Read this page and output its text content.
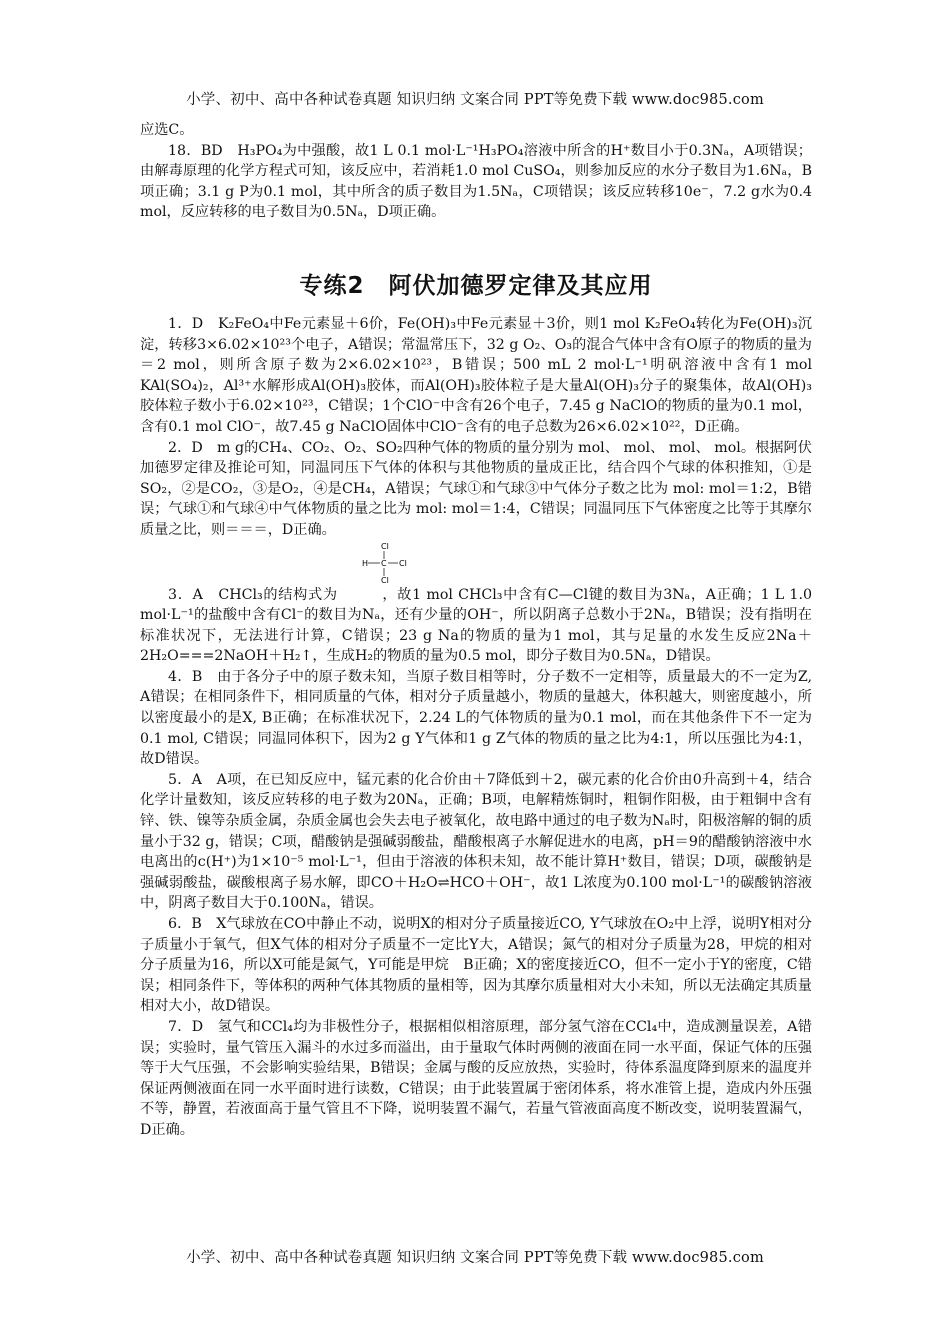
小学、初中、高中各种试卷真题 知识归纳 文案合同 PPT等免费下载 www.doc985.com

应选C。

18．BD　H₃PO₄为中强酸，故1 L 0.1 mol·L⁻¹H₃PO₄溶液中所含的H⁺数目小于0.3Nₐ，A项错误；由解毒原理的化学方程式可知，该反应中，若消耗1.0 mol CuSO₄，则参加反应的水分子数目为1.6Nₐ，B项正确；3.1 g P为0.1 mol，其中所含的质子数目为1.5Nₐ，C项错误；该反应转移10e⁻，7.2 g水为0.4 mol，反应转移的电子数目为0.5Nₐ，D项正确。

专练2　阿伏加德罗定律及其应用

1．D　K₂FeO₄中Fe元素显＋6价，Fe(OH)₃中Fe元素显＋3价，则1 mol K₂FeO₄转化为Fe(OH)₃沉淀，转移3×6.02×10²³个电子，A错误；常温常压下，32 g O₂、O₃的混合气体中含有O原子的物质的量为＝2 mol，则所含原子数为2×6.02×10²³，B错误；500 mL 2 mol·L⁻¹明矾溶液中含有1 mol KAl(SO₄)₂，Al³⁺水解形成Al(OH)₃胶体，而Al(OH)₃胶体粒子是大量Al(OH)₃分子的聚集体，故Al(OH)₃胶体粒子数小于6.02×10²³，C错误；1个ClO⁻中含有26个电子，7.45 g NaClO的物质的量为0.1 mol，含有0.1 mol ClO⁻，故7.45 g NaClO固体中ClO⁻含有的电子总数为26×6.02×10²²，D正确。

2．D　m g的CH₄、CO₂、O₂、SO₂四种气体的物质的量分别为 mol、 mol、 mol、 mol。根据阿伏加德罗定律及推论可知，同温同压下气体的体积与其他物质的量成正比，结合四个气球的体积推知，①是SO₂，②是CO₂，③是O₂，④是CH₄，A错误；气球①和气球③中气体分子数之比为 mol: mol＝1:2，B错误；气球①和气球④中气体物质的量之比为 mol: mol＝1:4，C错误；同温同压下气体密度之比等于其摩尔质量之比，则＝＝＝，D正确。

Cl
H C Cl
Cl

3．A　CHCl₃的结构式为　　　，故1 mol CHCl₃中含有C—Cl键的数目为3Nₐ，A正确；1 L 1.0 mol·L⁻¹的盐酸中含有Cl⁻的数目为Nₐ，还有少量的OH⁻，所以阴离子总数小于2Nₐ，B错误；没有指明在标准状况下，无法进行计算，C错误；23 g Na的物质的量为1 mol，其与足量的水发生反应2Na＋2H₂O===2NaOH＋H₂↑，生成H₂的物质的量为0.5 mol，即分子数目为0.5Nₐ，D错误。

4．B　由于各分子中的原子数未知，当原子数目相等时，分子数不一定相等，质量最大的不一定为Z, A错误；在相同条件下，相同质量的气体，相对分子质量越小，物质的量越大，体积越大，则密度越小，所以密度最小的是X, B正确；在标准状况下，2.24 L的气体物质的量为0.1 mol，而在其他条件下不一定为0.1 mol, C错误；同温同体积下，因为2 g Y气体和1 g Z气体的物质的量之比为4:1，所以压强比为4:1，故D错误。

5．A　A项，在已知反应中，锰元素的化合价由＋7降低到＋2，碳元素的化合价由0升高到＋4，结合化学计量数知，该反应转移的电子数为20Nₐ，正确；B项，电解精炼铜时，粗铜作阳极，由于粗铜中含有锌、铁、镍等杂质金属，杂质金属也会失去电子被氧化，故电路中通过的电子数为Nₐ时，阳极溶解的铜的质量小于32 g，错误；C项，醋酸钠是强碱弱酸盐，醋酸根离子水解促进水的电离，pH＝9的醋酸钠溶液中水电离出的c(H⁺)为1×10⁻⁵ mol·L⁻¹，但由于溶液的体积未知，故不能计算H⁺数目，错误；D项，碳酸钠是强碱弱酸盐，碳酸根离子易水解，即CO＋H₂O⇌HCO＋OH⁻，故1 L浓度为0.100 mol·L⁻¹的碳酸钠溶液中，阴离子数目大于0.100Nₐ，错误。

6．B　X气球放在CO中静止不动，说明X的相对分子质量接近CO, Y气球放在O₂中上浮，说明Y相对分子质量小于氧气，但X气体的相对分子质量不一定比Y大，A错误；氮气的相对分子质量为28，甲烷的相对分子质量为16，所以X可能是氮气，Y可能是甲烷　B正确；X的密度接近CO，但不一定小于Y的密度，C错误；相同条件下，等体积的两种气体其物质的量相等，因为其摩尔质量相对大小未知，所以无法确定其质量相对大小，故D错误。

7．D　氢气和CCl₄均为非极性分子，根据相似相溶原理，部分氢气溶在CCl₄中，造成测量误差，A错误；实验时，量气管压入漏斗的水过多而溢出，由于量取气体时两侧的液面在同一水平面，保证气体的压强等于大气压强，不会影响实验结果，B错误；金属与酸的反应放热，实验时，待体系温度降到原来的温度并保证两侧液面在同一水平面时进行读数，C错误；由于此装置属于密闭体系，将水准管上提，造成内外压强不等，静置，若液面高于量气管且不下降，说明装置不漏气，若量气管液面高度不断改变，说明装置漏气，D正确。

小学、初中、高中各种试卷真题 知识归纳 文案合同 PPT等免费下载 www.doc985.com
